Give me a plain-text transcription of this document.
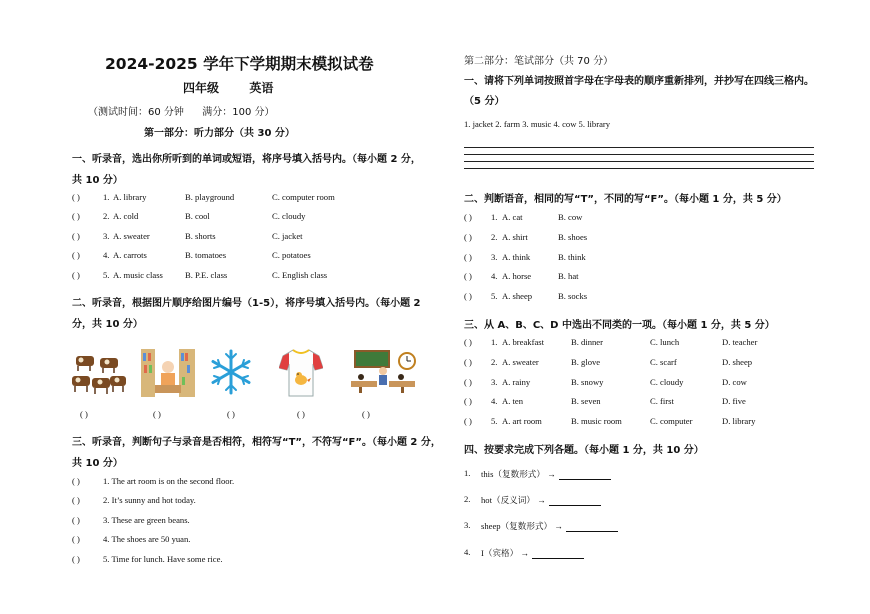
2024-2025 学年下学期期末模拟试卷
四年级	英语
（测试时间：60 分钟 满分：100 分）
第一部分：听力部分（共 30 分）
一、听录音，选出你所听到的单词或短语，将序号填入括号内。（每小题 2 分，
共 10 分）
( )	1. A. library	B. playground	C. computer room
( )	2. A. cold	B. cool	C. cloudy
( )	3. A. sweater	B. shorts	C. jacket
( )	4. A. carrots	B. tomatoes	C. potatoes
( )	5. A. music class	B. P.E. class	C. English class
二、听录音，根据图片顺序给图片编号（1-5），将序号填入括号内。（每小题 2
分，共 10 分）
( )	( )	( )	( )	( )
三、听录音，判断句子与录音是否相符，相符写“T”，不符写“F”。（每小题 2 分，
共 10 分）
( )	1. The art room is on the second floor.
( )	2. It’s sunny and hot today.
( )	3. These are green beans.
( )	4. The shoes are 50 yuan.
( )	5. Time for lunch. Have some rice.
第二部分：笔试部分（共 70 分）
一、请将下列单词按照首字母在字母表的顺序重新排列，并抄写在四线三格内。
（5 分）
1. jacket 2. farm 3. music 4. cow 5. library
二、判断语音，相同的写“T”，不同的写“F”。（每小题 1 分，共 5 分）
( ) 1. A. cat	B. cow
( ) 2. A. shirt	B. shoes
( ) 3. A. think	B. think
( ) 4. A. horse	B. hat
( ) 5. A. sheep	B. socks
三、从 A、B、C、D 中选出不同类的一项。（每小题 1 分，共 5 分）
( ) 1. A. breakfast	B. dinner	C. lunch	D. teacher
( ) 2. A. sweater	B. glove	C. scarf	D. sheep
( ) 3. A. rainy	B. snowy	C. cloudy	D. cow
( ) 4. A. ten	B. seven	C. first	D. five
( ) 5. A. art room	B. music room	C. computer	D. library
四、按要求完成下列各题。（每小题 1 分，共 10 分）
1. this（复数形式） →
2. hot（反义词） →
3. sheep（复数形式） →
4. I（宾格） →
